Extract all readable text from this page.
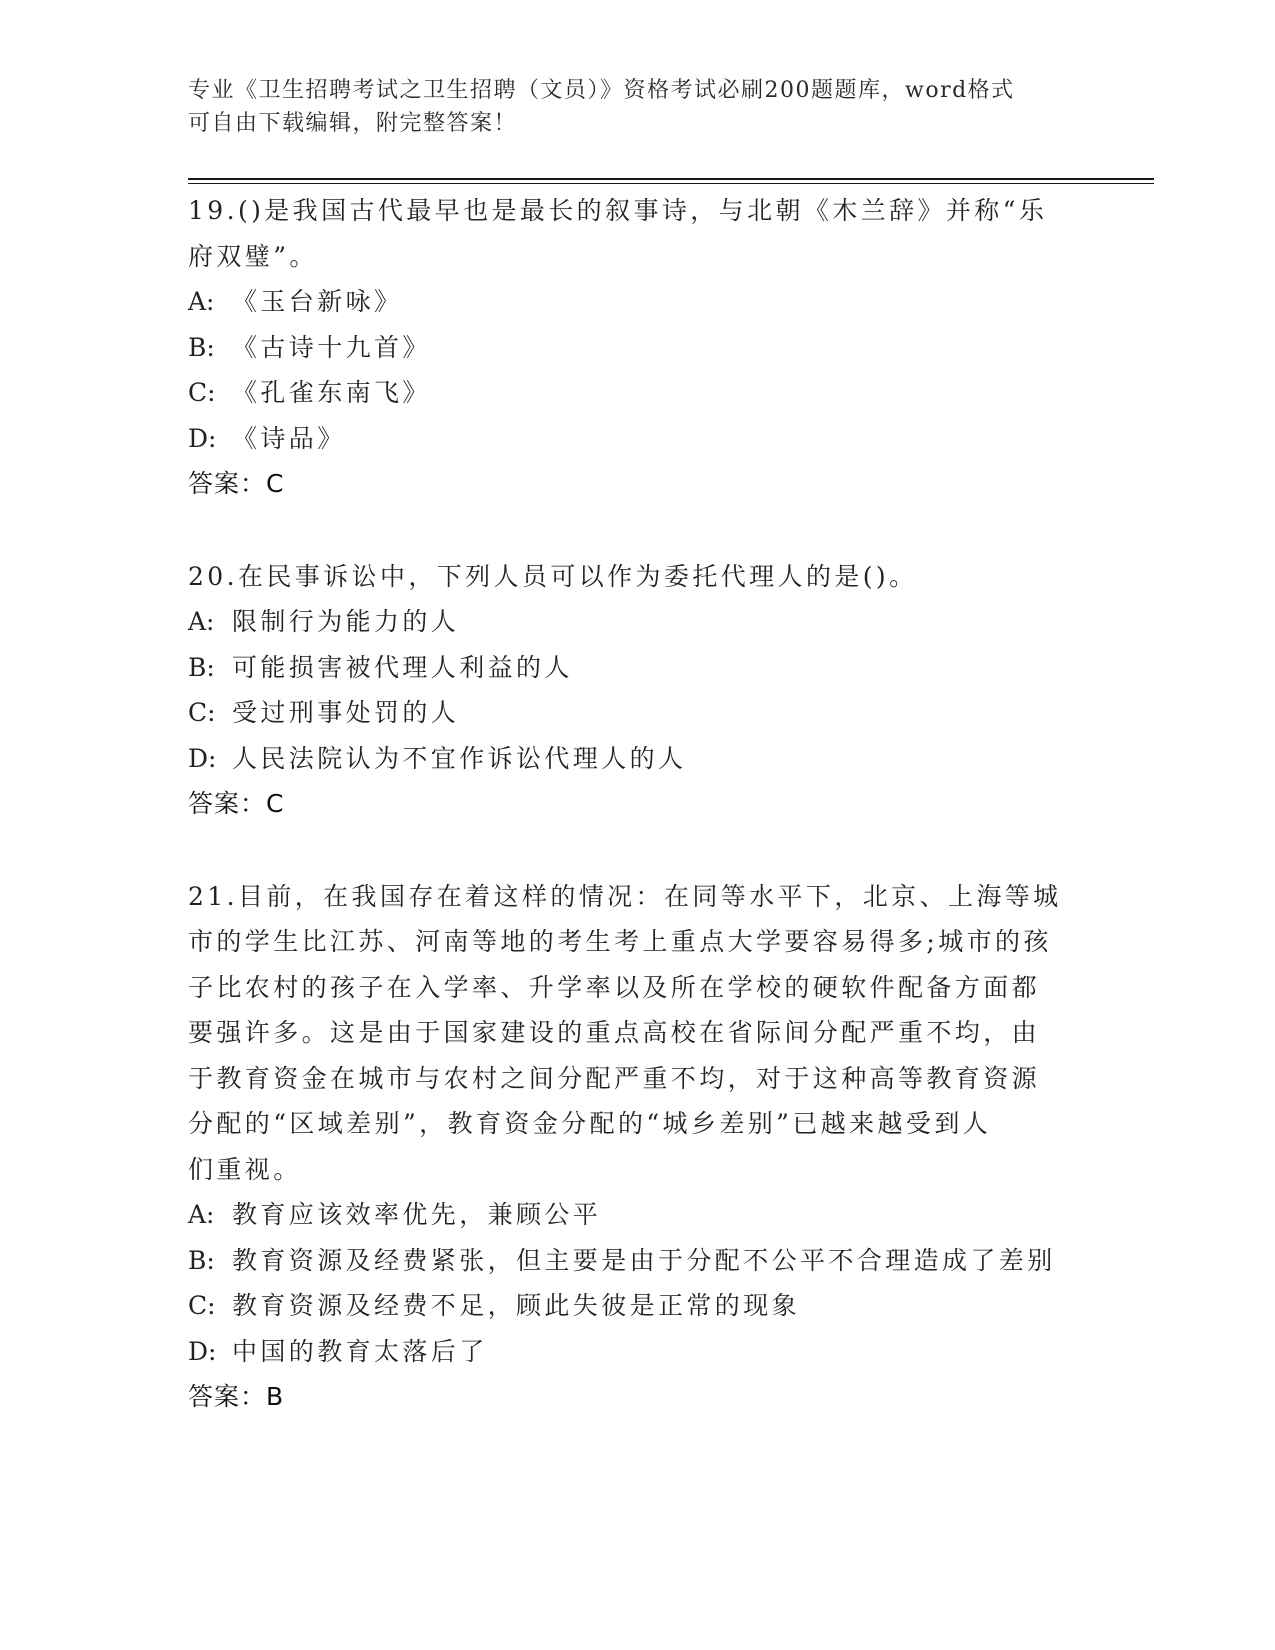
专业《卫生招聘考试之卫生招聘（文员）》资格考试必刷200题题库，word格式

可自由下载编辑，附完整答案！

19.()是我国古代最早也是最长的叙事诗，与北朝《木兰辞》并称“乐

府双璧”。

A: 《玉台新咏》

B: 《古诗十九首》

C: 《孔雀东南飞》

D: 《诗品》

答案：C

20.在民事诉讼中，下列人员可以作为委托代理人的是()。

A: 限制行为能力的人

B: 可能损害被代理人利益的人

C: 受过刑事处罚的人

D: 人民法院认为不宜作诉讼代理人的人

答案：C

21.目前，在我国存在着这样的情况：在同等水平下，北京、上海等城

市的学生比江苏、河南等地的考生考上重点大学要容易得多;城市的孩

子比农村的孩子在入学率、升学率以及所在学校的硬软件配备方面都

要强许多。这是由于国家建设的重点高校在省际间分配严重不均，由

于教育资金在城市与农村之间分配严重不均，对于这种高等教育资源

分配的“区域差别”，教育资金分配的“城乡差别”已越来越受到人

们重视。

A: 教育应该效率优先，兼顾公平

B: 教育资源及经费紧张，但主要是由于分配不公平不合理造成了差别

C: 教育资源及经费不足，顾此失彼是正常的现象

D: 中国的教育太落后了

答案：B
